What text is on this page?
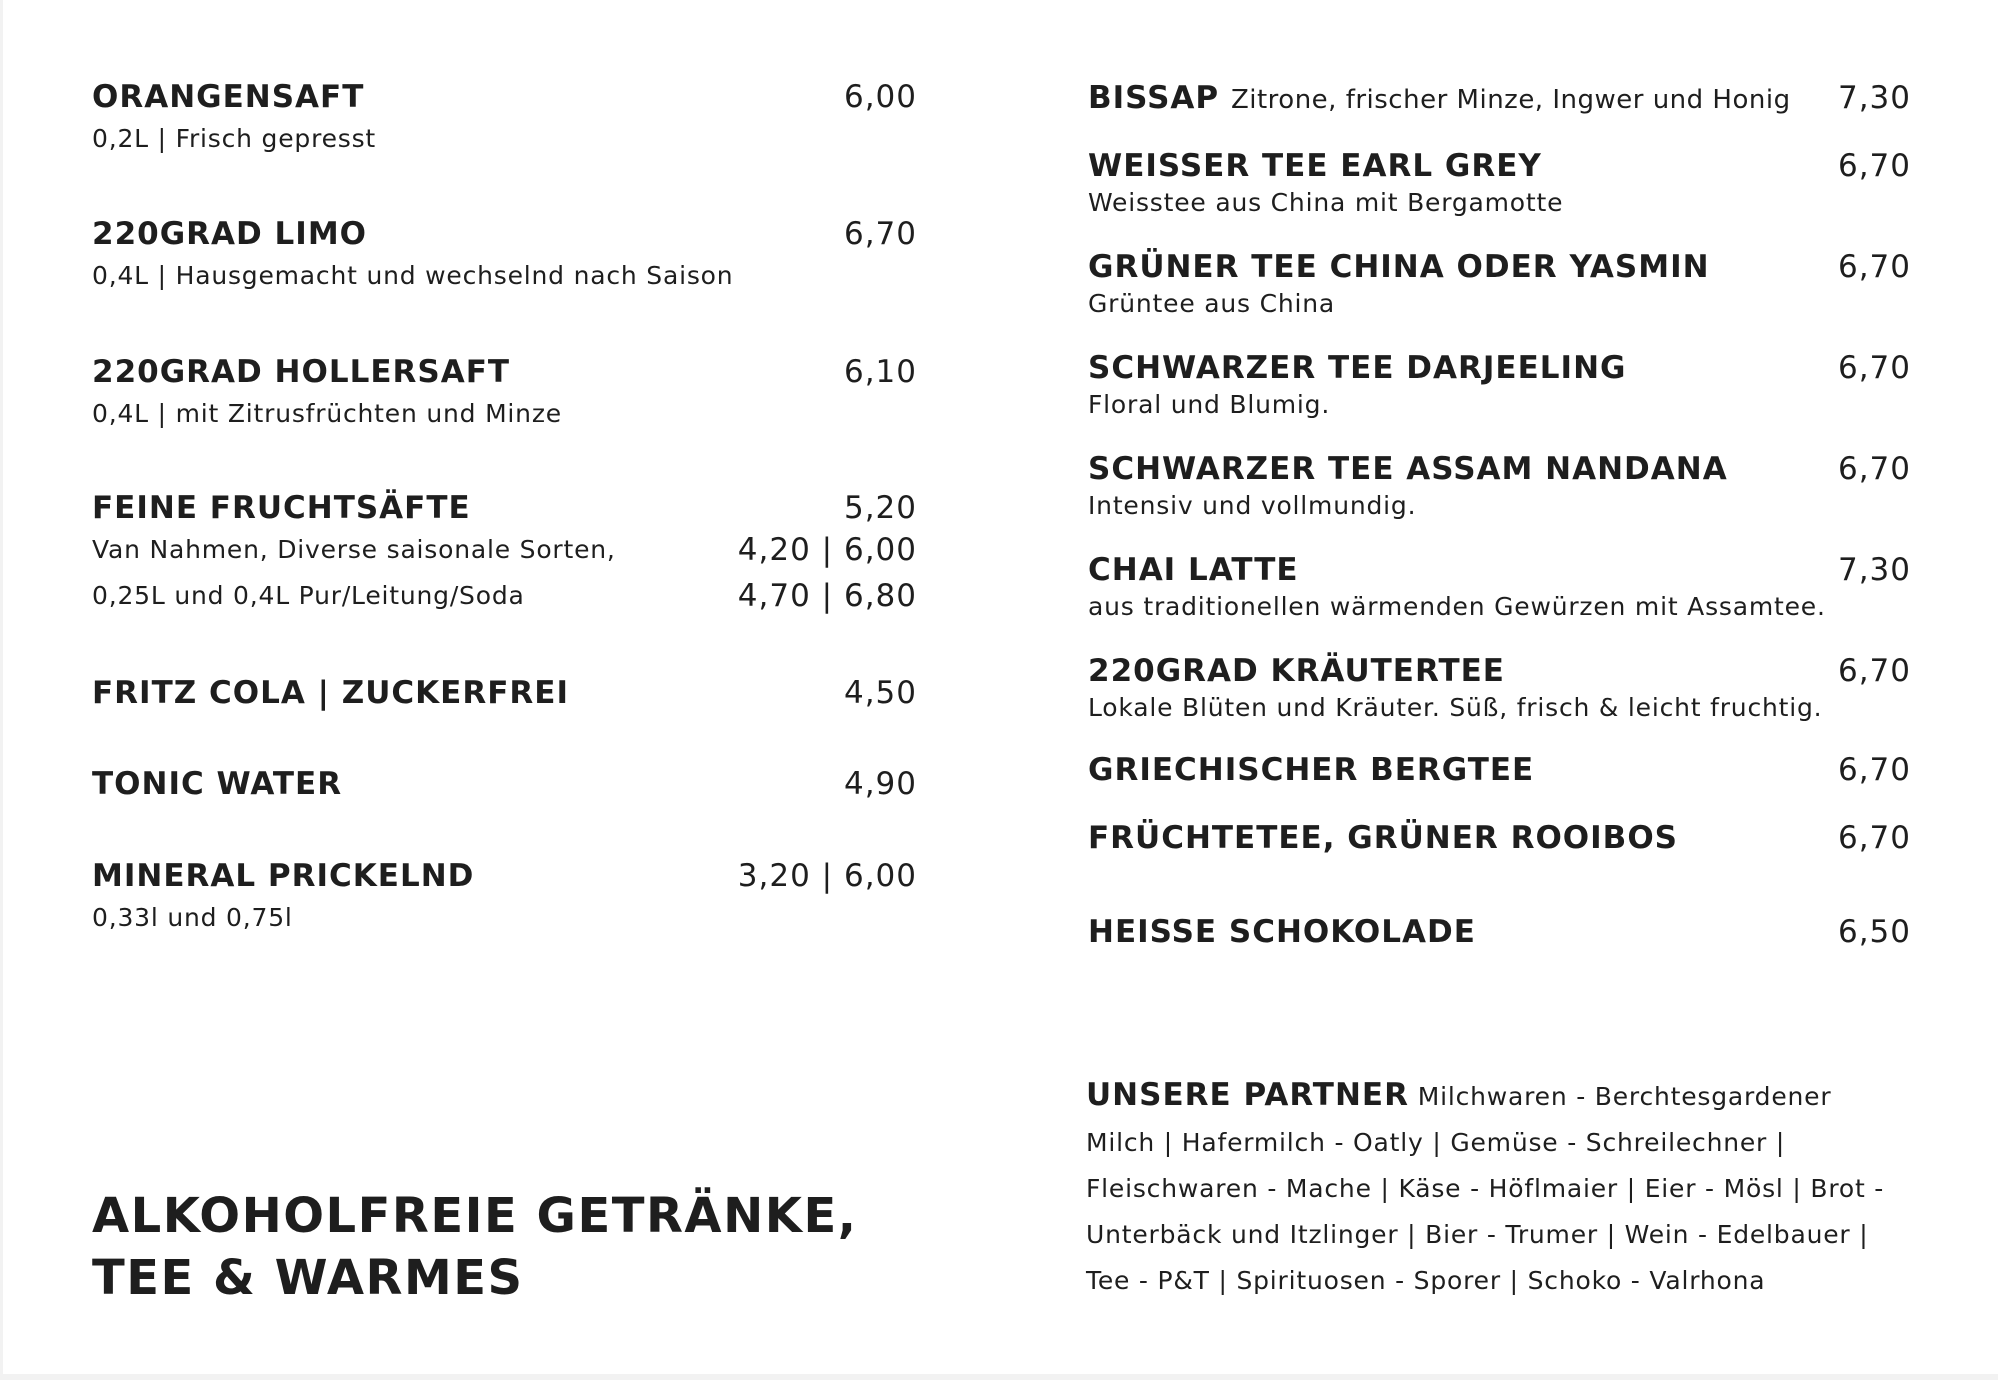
ORANGENSAFT	6,00
0,2L | Frisch gepresst
220GRAD LIMO	6,70
0,4L | Hausgemacht und wechselnd nach Saison
220GRAD HOLLERSAFT	6,10
0,4L | mit Zitrusfrüchten und Minze
FEINE FRUCHTSÄFTE	5,20
Van Nahmen, Diverse saisonale Sorten,	4,20 | 6,00
0,25L und 0,4L Pur/Leitung/Soda	4,70 | 6,80
FRITZ COLA | ZUCKERFREI	4,50
TONIC WATER	4,90
MINERAL PRICKELND	3,20 | 6,00
0,33l und 0,75l
BISSAP Zitrone, frischer Minze, Ingwer und Honig 7,30
WEISSER TEE EARL GREY	6,70
Weisstee aus China mit Bergamotte
GRÜNER TEE CHINA ODER YASMIN	6,70
Grüntee aus China
SCHWARZER TEE DARJEELING	6,70
Floral und Blumig.
SCHWARZER TEE ASSAM NANDANA	6,70
Intensiv und vollmundig.
CHAI LATTE	7,30
aus traditionellen wärmenden Gewürzen mit Assamtee.
220GRAD KRÄUTERTEE	6,70
Lokale Blüten und Kräuter. Süß, frisch & leicht fruchtig.
GRIECHISCHER BERGTEE	6,70
FRÜCHTETEE, GRÜNER ROOIBOS	6,70
HEISSE SCHOKOLADE	6,50
UNSERE PARTNER Milchwaren - Berchtesgardener Milch | Hafermilch - Oatly | Gemüse - Schreilechner | Fleischwaren - Mache | Käse - Höflmaier | Eier - Mösl | Brot - Unterbäck und Itzlinger | Bier - Trumer | Wein - Edelbauer | Tee - P&T | Spirituosen - Sporer | Schoko - Valrhona
ALKOHOLFREIE GETRÄNKE,
TEE & WARMES
